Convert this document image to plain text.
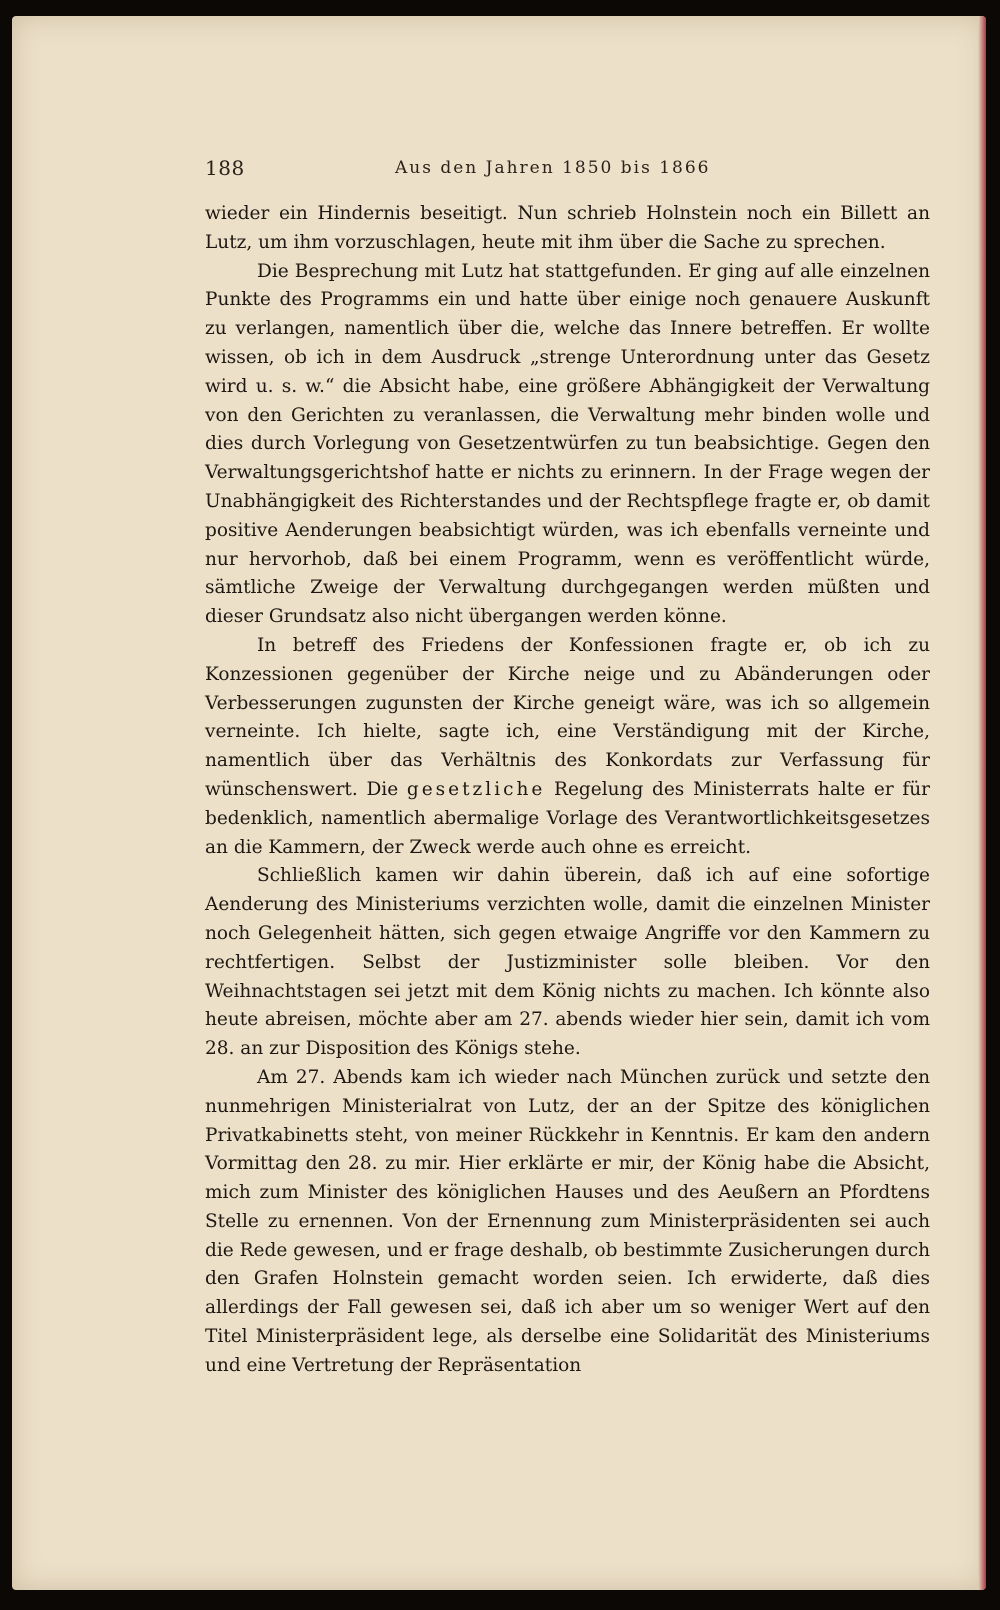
188	Aus den Jahren 1850 bis 1866

wieder ein Hindernis beseitigt. Nun schrieb Holnstein noch ein Billett an Lutz, um ihm vorzuschlagen, heute mit ihm über die Sache zu sprechen.

Die Besprechung mit Lutz hat stattgefunden. Er ging auf alle einzelnen Punkte des Programms ein und hatte über einige noch genauere Auskunft zu verlangen, namentlich über die, welche das Innere betreffen. Er wollte wissen, ob ich in dem Ausdruck „strenge Unterordnung unter das Gesetz wird u. s. w.“ die Absicht habe, eine größere Abhängigkeit der Verwaltung von den Gerichten zu veranlassen, die Verwaltung mehr binden wolle und dies durch Vorlegung von Gesetzentwürfen zu tun beabsichtige. Gegen den Verwaltungsgerichtshof hatte er nichts zu erinnern. In der Frage wegen der Unabhängigkeit des Richterstandes und der Rechtspflege fragte er, ob damit positive Aenderungen beabsichtigt würden, was ich ebenfalls verneinte und nur hervorhob, daß bei einem Programm, wenn es veröffentlicht würde, sämtliche Zweige der Verwaltung durchgegangen werden müßten und dieser Grundsatz also nicht übergangen werden könne.

In betreff des Friedens der Konfessionen fragte er, ob ich zu Konzessionen gegenüber der Kirche neige und zu Abänderungen oder Verbesserungen zugunsten der Kirche geneigt wäre, was ich so allgemein verneinte. Ich hielte, sagte ich, eine Verständigung mit der Kirche, namentlich über das Verhältnis des Konkordats zur Verfassung für wünschenswert. Die gesetzliche Regelung des Ministerrats halte er für bedenklich, namentlich abermalige Vorlage des Verantwortlichkeitsgesetzes an die Kammern, der Zweck werde auch ohne es erreicht.

Schließlich kamen wir dahin überein, daß ich auf eine sofortige Aenderung des Ministeriums verzichten wolle, damit die einzelnen Minister noch Gelegenheit hätten, sich gegen etwaige Angriffe vor den Kammern zu rechtfertigen. Selbst der Justizminister solle bleiben. Vor den Weihnachtstagen sei jetzt mit dem König nichts zu machen. Ich könnte also heute abreisen, möchte aber am 27. abends wieder hier sein, damit ich vom 28. an zur Disposition des Königs stehe.

Am 27. Abends kam ich wieder nach München zurück und setzte den nunmehrigen Ministerialrat von Lutz, der an der Spitze des königlichen Privatkabinetts steht, von meiner Rückkehr in Kenntnis. Er kam den andern Vormittag den 28. zu mir. Hier erklärte er mir, der König habe die Absicht, mich zum Minister des königlichen Hauses und des Aeußern an Pfordtens Stelle zu ernennen. Von der Ernennung zum Ministerpräsidenten sei auch die Rede gewesen, und er frage deshalb, ob bestimmte Zusicherungen durch den Grafen Holnstein gemacht worden seien. Ich erwiderte, daß dies allerdings der Fall gewesen sei, daß ich aber um so weniger Wert auf den Titel Ministerpräsident lege, als derselbe eine Solidarität des Ministeriums und eine Vertretung der Repräsentation
